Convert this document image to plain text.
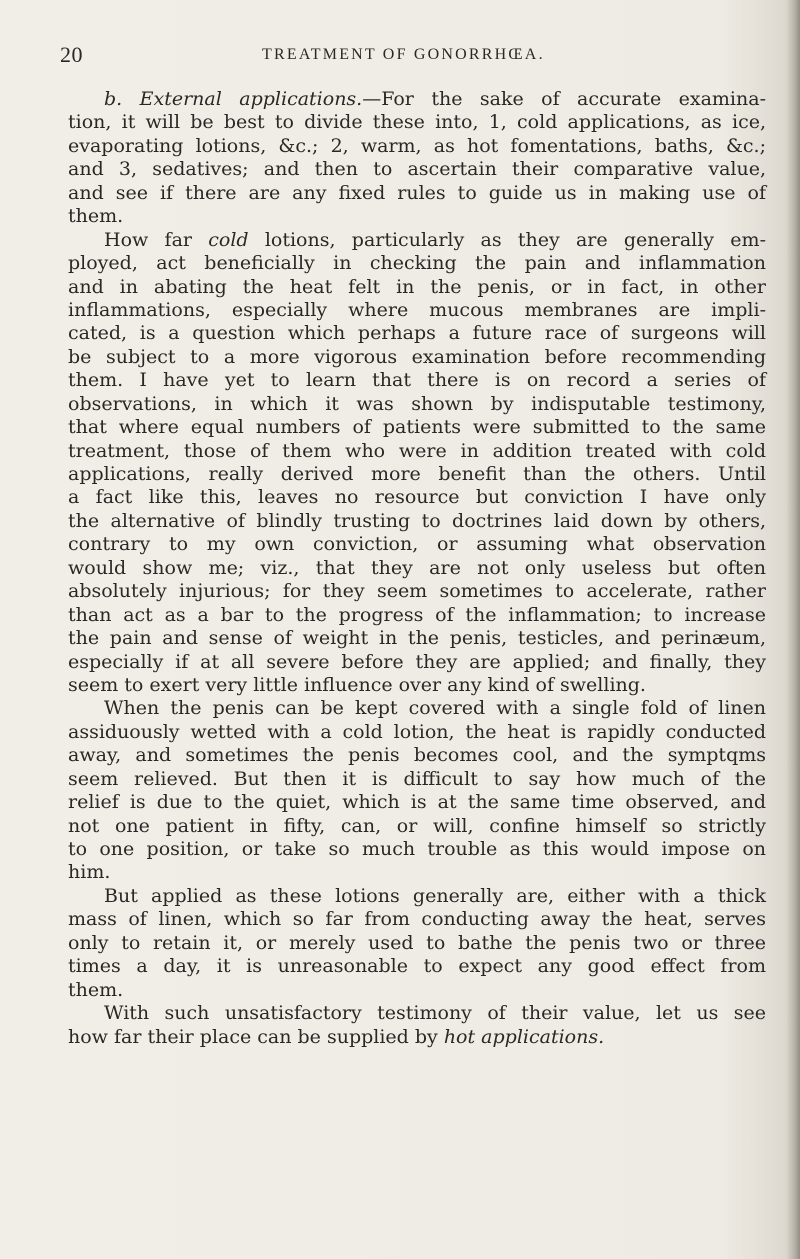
20	TREATMENT OF GONORRHŒA.
b. External applications.—For the sake of accurate examina-
tion, it will be best to divide these into, 1, cold applications, as ice,
evaporating lotions, &c.; 2, warm, as hot fomentations, baths, &c.;
and 3, sedatives; and then to ascertain their comparative value,
and see if there are any fixed rules to guide us in making use of
them.
How far cold lotions, particularly as they are generally em-
ployed, act beneficially in checking the pain and inflammation
and in abating the heat felt in the penis, or in fact, in other
inflammations, especially where mucous membranes are impli-
cated, is a question which perhaps a future race of surgeons will
be subject to a more vigorous examination before recommending
them. I have yet to learn that there is on record a series of
observations, in which it was shown by indisputable testimony,
that where equal numbers of patients were submitted to the same
treatment, those of them who were in addition treated with cold
applications, really derived more benefit than the others. Until
a fact like this, leaves no resource but conviction I have only
the alternative of blindly trusting to doctrines laid down by others,
contrary to my own conviction, or assuming what observation
would show me; viz., that they are not only useless but often
absolutely injurious; for they seem sometimes to accelerate, rather
than act as a bar to the progress of the inflammation; to increase
the pain and sense of weight in the penis, testicles, and perinæum,
especially if at all severe before they are applied; and finally, they
seem to exert very little influence over any kind of swelling.
When the penis can be kept covered with a single fold of linen
assiduously wetted with a cold lotion, the heat is rapidly conducted
away, and sometimes the penis becomes cool, and the symptqms
seem relieved. But then it is difficult to say how much of the
relief is due to the quiet, which is at the same time observed, and
not one patient in fifty, can, or will, confine himself so strictly
to one position, or take so much trouble as this would impose on
him.
But applied as these lotions generally are, either with a thick
mass of linen, which so far from conducting away the heat, serves
only to retain it, or merely used to bathe the penis two or three
times a day, it is unreasonable to expect any good effect from
them.
With such unsatisfactory testimony of their value, let us see
how far their place can be supplied by hot applications.
